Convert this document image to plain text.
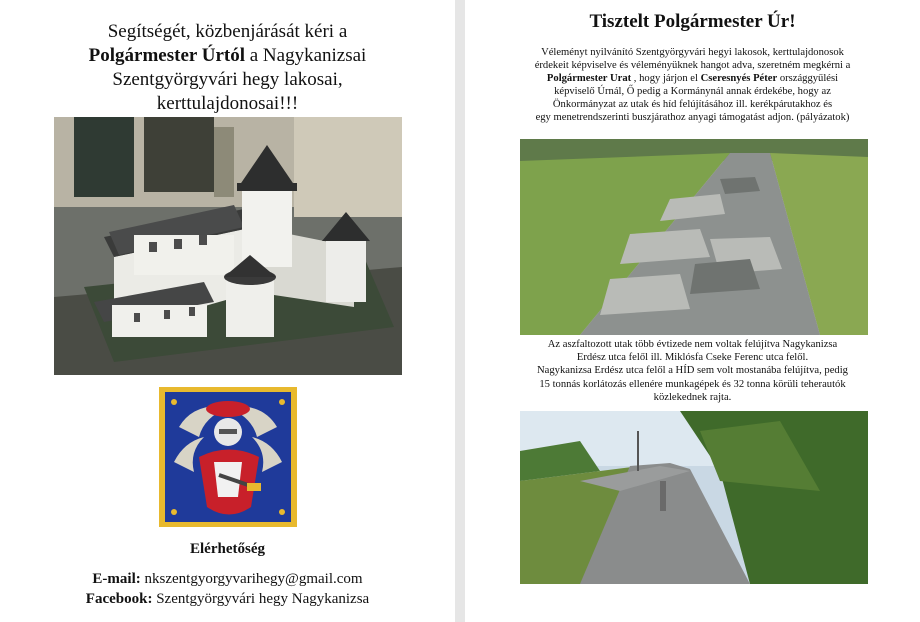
Segítségét, közbenjárását kéri a
Polgármester Úrtól a Nagykanizsai
Szentgyörgyvári hegy lakosai,
kerttulajdonosai!!!
Elérhetőség
E-mail: nkszentgyorgyvarihegy@gmail.com
Facebook: Szentgyörgyvári hegy Nagykanizsa
Tisztelt Polgármester Úr!
Véleményt nyilvánító Szentgyörgyvári hegyi lakosok, kerttulajdonosok
érdekeit képviselve és véleményüknek hangot adva, szeretném megkérni a
Polgármester Urat , hogy járjon el Cseresnyés Péter országgyűlési
képviselő Úrnál, Ő pedig a Kormánynál annak érdekébe, hogy az
Önkormányzat az utak és híd felújításához ill. kerékpárutakhoz és
egy menetrendszerinti buszjárathoz anyagi támogatást adjon. (pályázatok)
Az aszfaltozott utak több évtizede nem voltak felújítva Nagykanizsa
Erdész utca felől ill. Miklósfa Cseke Ferenc utca felől.
Nagykanizsa Erdész utca felől a HÍD sem volt mostanába felújítva, pedig
15 tonnás korlátozás ellenére munkagépek és 32 tonna körüli teherautók
közlekednek rajta.
